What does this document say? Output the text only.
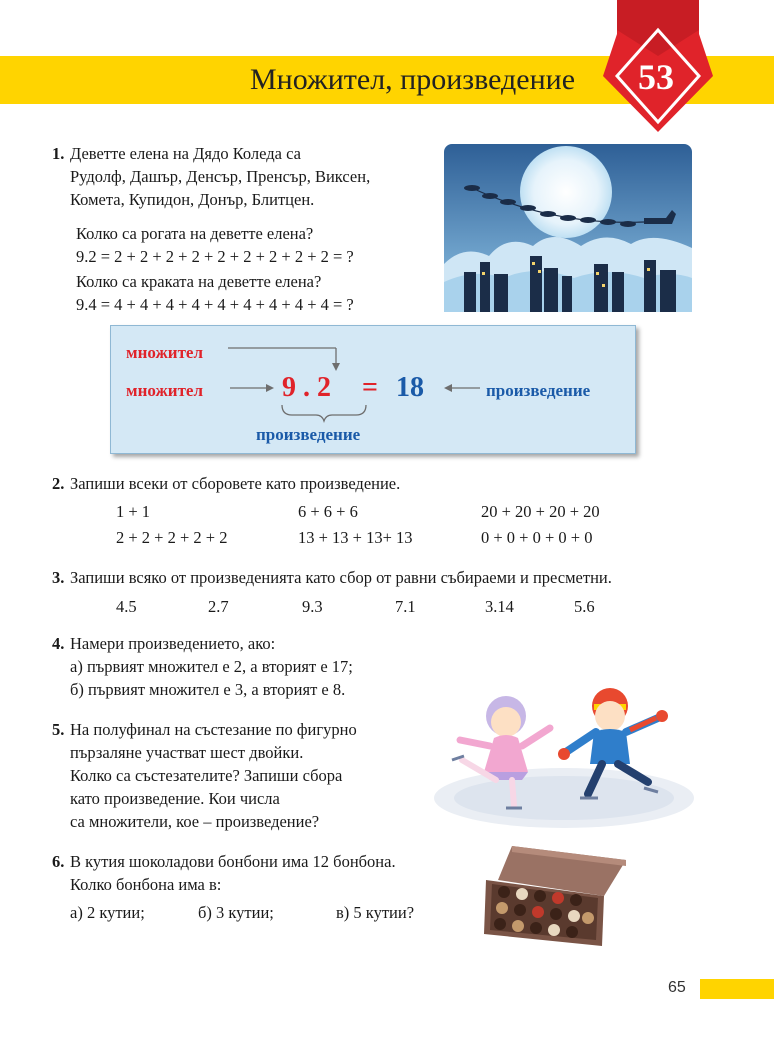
Множител, произведение	53
1. Деветте елена на Дядо Коледа са
Рудолф, Дашър, Денсър, Пренсър, Виксен,
Комета, Купидон, Донър, Блитцен.
Колко са рогата на деветте елена?
9.2 = 2 + 2 + 2 + 2 + 2 + 2 + 2 + 2 + 2 = ?
Колко са краката на деветте елена?
9.4 = 4 + 4 + 4 + 4 + 4 + 4 + 4 + 4 + 4 = ?
множител
множител	9 . 2 = 18	произведение
произведение
2. Запиши всеки от сборовете като произведение.
1 + 1	6 + 6 + 6	20 + 20 + 20 + 20
2 + 2 + 2 + 2 + 2	13 + 13 + 13+ 13	0 + 0 + 0 + 0 + 0
3. Запиши всяко от произведенията като сбор от равни събираеми и пресметни.
4.5	2.7	9.3	7.1	3.14	5.6
4. Намери произведението, ако:
а) първият множител е 2, а вторият е 17;
б) първият множител е 3, а вторият е 8.
5. На полуфинал на състезание по фигурно
пързаляне участват шест двойки.
Колко са състезателите? Запиши сбора
като произведение. Кои числа
са множители, кое – произведение?
6. В кутия шоколадови бонбони има 12 бонбона.
Колко бонбона има в:
а) 2 кутии;	б) 3 кутии;	в) 5 кутии?
65
